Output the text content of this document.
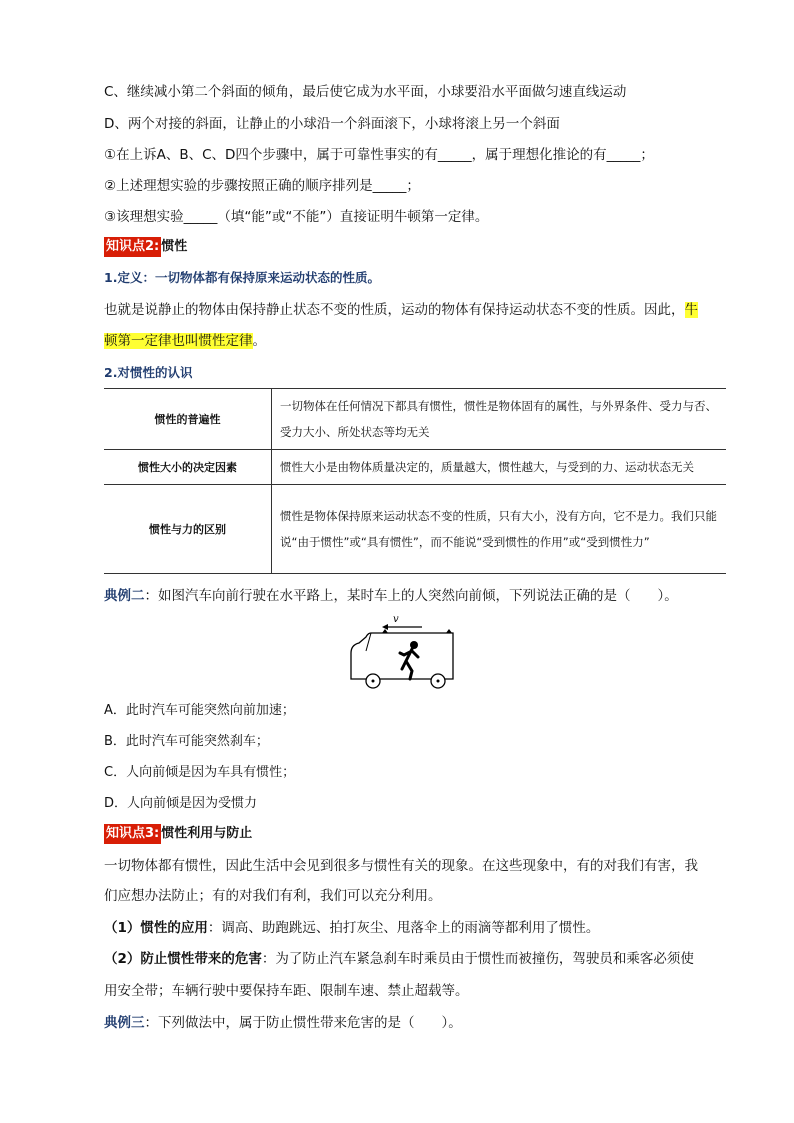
C、继续减小第二个斜面的倾角，最后使它成为水平面，小球要沿水平面做匀速直线运动
D、两个对接的斜面，让静止的小球沿一个斜面滚下，小球将滚上另一个斜面
①在上诉A、B、C、D四个步骤中，属于可靠性事实的有_____，属于理想化推论的有_____；
②上述理想实验的步骤按照正确的顺序排列是_____；
③该理想实验_____（填“能”或“不能”）直接证明牛顿第一定律。
知识点2: 惯性
1.定义：一切物体都有保持原来运动状态的性质。
也就是说静止的物体由保持静止状态不变的性质，运动的物体有保持运动状态不变的性质。因此，牛
顿第一定律也叫惯性定律。
2.对惯性的认识
惯性的普遍性	一切物体在任何情况下都具有惯性，惯性是物体固有的属性，与外界条件、受力与否、受力大小、所处状态等均无关
惯性大小的决定因素	惯性大小是由物体质量决定的，质量越大，惯性越大，与受到的力、运动状态无关
惯性与力的区别	惯性是物体保持原来运动状态不变的性质，只有大小，没有方向，它不是力。我们只能说“由于惯性”或“具有惯性”，而不能说“受到惯性的作用”或“受到惯性力”
典例二：如图汽车向前行驶在水平路上，某时车上的人突然向前倾，下列说法正确的是（　　）。
v
A．此时汽车可能突然向前加速；
B．此时汽车可能突然刹车；
C．人向前倾是因为车具有惯性；
D．人向前倾是因为受惯力
知识点3: 惯性利用与防止
一切物体都有惯性，因此生活中会见到很多与惯性有关的现象。在这些现象中，有的对我们有害，我
们应想办法防止；有的对我们有利，我们可以充分利用。
（1）惯性的应用：调高、助跑跳远、拍打灰尘、甩落伞上的雨滴等都利用了惯性。
（2）防止惯性带来的危害：为了防止汽车紧急刹车时乘员由于惯性而被撞伤，驾驶员和乘客必须使
用安全带；车辆行驶中要保持车距、限制车速、禁止超载等。
典例三：下列做法中，属于防止惯性带来危害的是（　　）。
